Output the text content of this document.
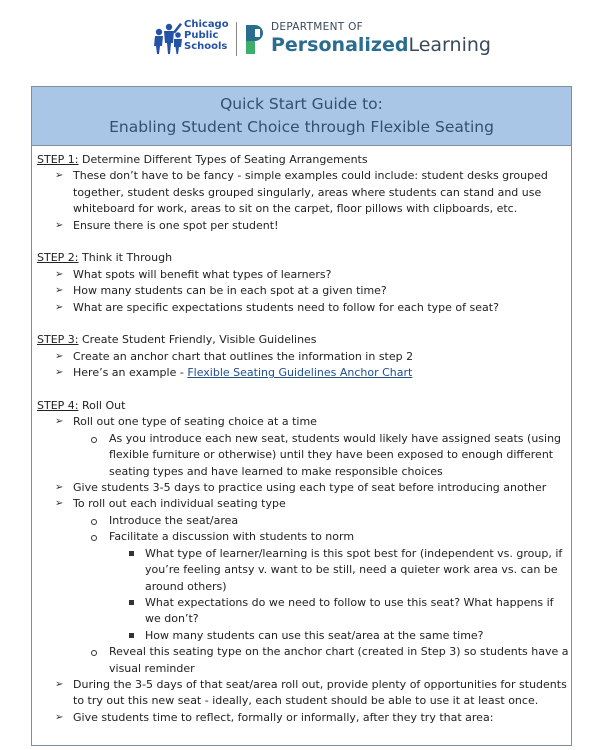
Chicago
Public
Schools
DEPARTMENT OF
PersonalizedLearning
Quick Start Guide to:
Enabling Student Choice through Flexible Seating
STEP 1: Determine Different Types of Seating Arrangements
➢ These don’t have to be fancy - simple examples could include: student desks grouped together, student desks grouped singularly, areas where students can stand and use whiteboard for work, areas to sit on the carpet, floor pillows with clipboards, etc.
➢ Ensure there is one spot per student!
STEP 2: Think it Through
➢ What spots will benefit what types of learners?
➢ How many students can be in each spot at a given time?
➢ What are specific expectations students need to follow for each type of seat?
STEP 3: Create Student Friendly, Visible Guidelines
➢ Create an anchor chart that outlines the information in step 2
➢ Here’s an example - Flexible Seating Guidelines Anchor Chart
STEP 4: Roll Out
➢ Roll out one type of seating choice at a time
As you introduce each new seat, students would likely have assigned seats (using flexible furniture or otherwise) until they have been exposed to enough different seating types and have learned to make responsible choices
➢ Give students 3-5 days to practice using each type of seat before introducing another
➢ To roll out each individual seating type
Introduce the seat/area
Facilitate a discussion with students to norm
What type of learner/learning is this spot best for (independent vs. group, if you’re feeling antsy v. want to be still, need a quieter work area vs. can be around others)
What expectations do we need to follow to use this seat? What happens if we don’t?
How many students can use this seat/area at the same time?
Reveal this seating type on the anchor chart (created in Step 3) so students have a visual reminder
➢ During the 3-5 days of that seat/area roll out, provide plenty of opportunities for students to try out this new seat - ideally, each student should be able to use it at least once.
➢ Give students time to reflect, formally or informally, after they try that area:
